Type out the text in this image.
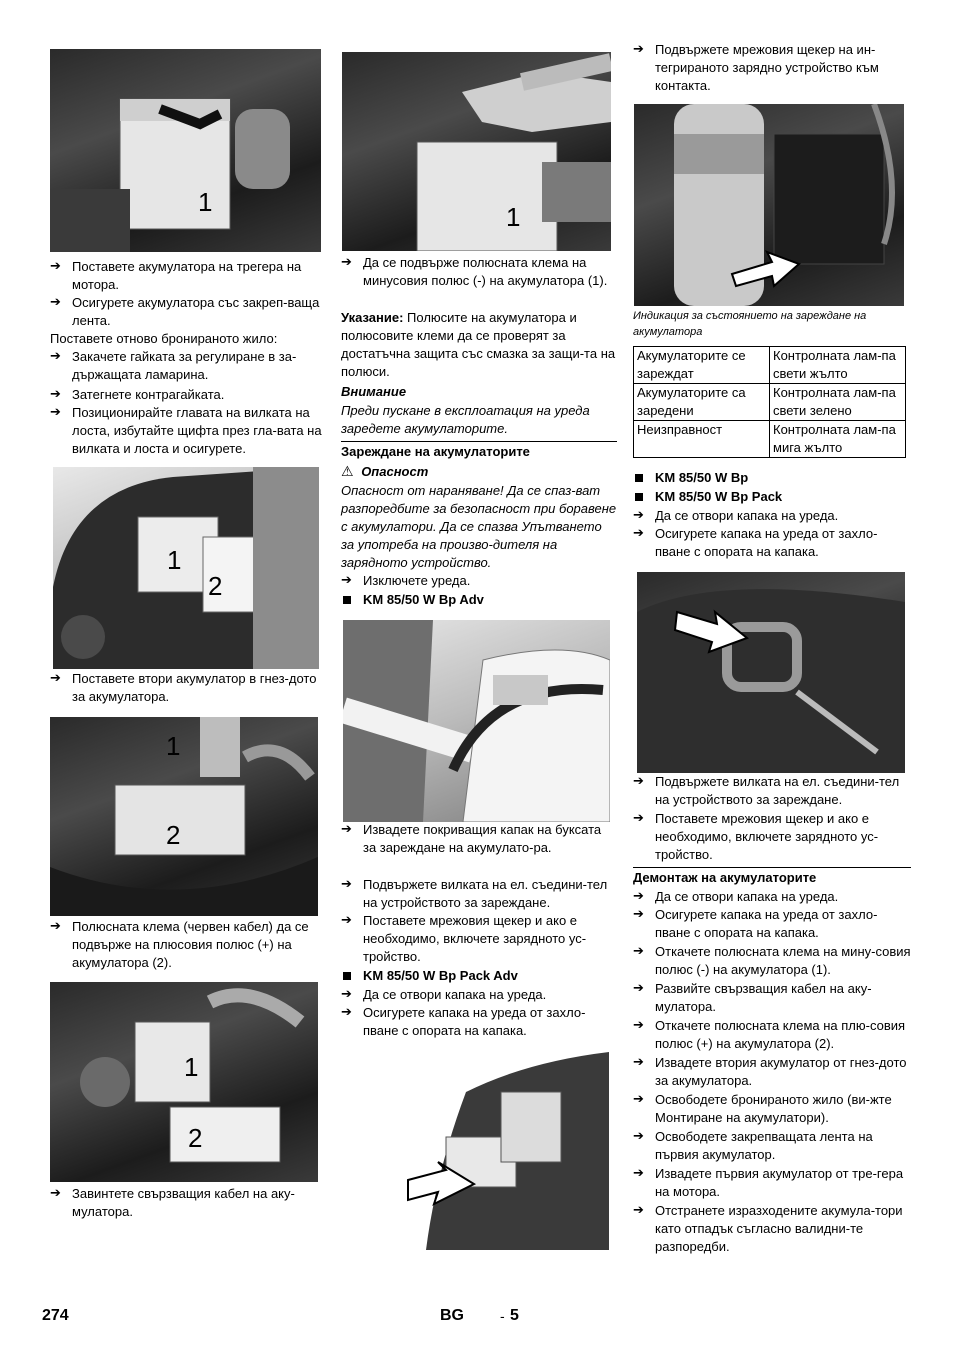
1
➔ Поставете акумулатора на трегера на мотора.
➔ Осигурете акумулатора със закреп-ваща лента.
Поставете отново бронираното жило:
➔ Закачете гайката за регулиране в за-държащата ламарина.
➔ Затегнете контрагайката.
➔ Позиционирайте главата на вилката на лоста, избутайте щифта през гла-вата на вилката и лоста и осигурете.
1
2
➔ Поставете втори акумулатор в гнез-дото за акумулатора.
1
2
➔ Полюсната клема (червен кабел) да се подвърже на плюсовия полюс (+) на акумулатора (2).
1
2
➔ Завинтете свързващия кабел на аку-мулатора.
1
➔ Да се подвърже полюсната клема на минусовия полюс (-) на акумулатора (1).
Указание: Полюсите на акумулатора и полюсовите клеми да се проверят за достатъчна защита със смазка за защи-та на полюси.
Внимание
Преди пускане в експлоатация на уреда заредете акумулаторите.
Зареждане на акумулаторите
⚠ Опасност
Опасност от нараняване! Да се спаз-ват разпоредбите за безопасност при боравене с акумулатори. Да се спазва Упътването за употреба на произво-дителя на зарядното устройство.
➔ Изключете уреда.
KM 85/50 W Bp Adv
➔ Извадете покриващия капак на буксата за зареждане на акумулато-ра.
➔ Подвържете вилката на ел. съедини-тел на устройството за зареждане.
➔ Поставете мрежовия щекер и ако е необходимо, включете зарядното ус-тройство.
KM 85/50 W Bp Pack Adv
➔ Да се отвори капака на уреда.
➔ Осигурете капака на уреда от захло-пване с опората на капака.
➔ Подвържете мрежовия щекер на ин-тегрираното зарядно устройство към контакта.
Индикация за състоянието на зареждане на акумулатора
Акумулаторите се зареждат	Контролната лам-па свети жълто
Акумулаторите са заредени	Контролната лам-па свети зелено
Неизправност	Контролната лам-па мига жълто
KM 85/50 W Bp
KM 85/50 W Bp Pack
➔ Да се отвори капака на уреда.
➔ Осигурете капака на уреда от захло-пване с опората на капака.
➔ Подвържете вилката на ел. съедини-тел на устройството за зареждане.
➔ Поставете мрежовия щекер и ако е необходимо, включете зарядното ус-тройство.
Демонтаж на акумулаторите
➔ Да се отвори капака на уреда.
➔ Осигурете капака на уреда от захло-пване с опората на капака.
➔ Откачете полюсната клема на мину-совия полюс (-) на акумулатора (1).
➔ Развийте свързващия кабел на аку-мулатора.
➔ Откачете полюсната клема на плю-совия полюс (+) на акумулатора (2).
➔ Извадете втория акумулатор от гнез-дото за акумулатора.
➔ Освободете бронираното жило (ви-жте Монтиране на акумулатори).
➔ Освободете закрепващата лента на първия акумулатор.
➔ Извадете първия акумулатор от тре-гера на мотора.
➔ Отстранете изразходените акумула-тори като отпадък съгласно валидни-те разпоредби.
274	BG	- 5
